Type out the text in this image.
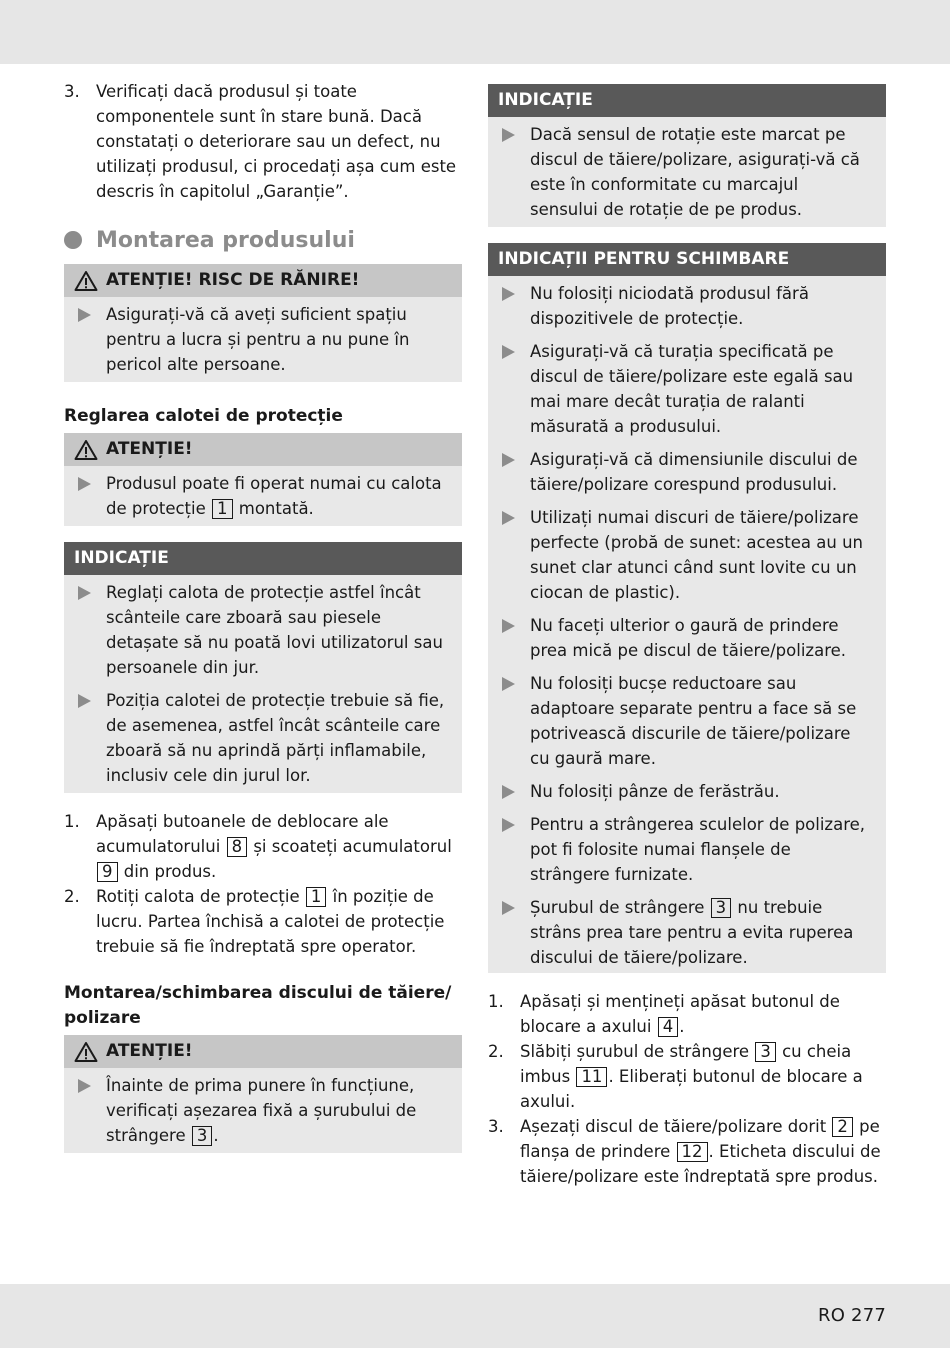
3. Verificați dacă produsul și toate componentele sunt în stare bună. Dacă constatați o deteriorare sau un defect, nu utilizați produsul, ci procedați așa cum este descris în capitolul „Garanție”.
Montarea produsului
ATENȚIE! RISC DE RĂNIRE!
Asigurați-vă că aveți suficient spațiu pentru a lucra și pentru a nu pune în pericol alte persoane.
Reglarea calotei de protecție
ATENȚIE!
Produsul poate fi operat numai cu calota de protecție 1 montată.
INDICAȚIE
Reglați calota de protecție astfel încât scânteile care zboară sau piesele detașate să nu poată lovi utilizatorul sau persoanele din jur.
Poziția calotei de protecție trebuie să fie, de asemenea, astfel încât scânteile care zboară să nu aprindă părți inflamabile, inclusiv cele din jurul lor.
1. Apăsați butoanele de deblocare ale acumulatorului 8 și scoateți acumulatorul 9 din produs.
2. Rotiți calota de protecție 1 în poziție de lucru. Partea închisă a calotei de protecție trebuie să fie îndreptată spre operator.
Montarea/schimbarea discului de tăiere/ polizare
ATENȚIE!
Înainte de prima punere în funcțiune, verificați așezarea fixă a șurubului de strângere 3 .
INDICAȚIE
Dacă sensul de rotație este marcat pe discul de tăiere/polizare, asigurați-vă că este în conformitate cu marcajul sensului de rotație de pe produs.
INDICAȚII PENTRU SCHIMBARE
Nu folosiți niciodată produsul fără dispozitivele de protecție.
Asigurați-vă că turația specificată pe discul de tăiere/polizare este egală sau mai mare decât turația de ralanti măsurată a produsului.
Asigurați-vă că dimensiunile discului de tăiere/polizare corespund produsului.
Utilizați numai discuri de tăiere/polizare perfecte (probă de sunet: acestea au un sunet clar atunci când sunt lovite cu un ciocan de plastic).
Nu faceți ulterior o gaură de prindere prea mică pe discul de tăiere/polizare.
Nu folosiți bucșe reductoare sau adaptoare separate pentru a face să se potrivească discurile de tăiere/polizare cu gaură mare.
Nu folosiți pânze de ferăstrău.
Pentru a strângerea sculelor de polizare, pot fi folosite numai flanșele de strângere furnizate.
Șurubul de strângere 3 nu trebuie strâns prea tare pentru a evita ruperea discului de tăiere/polizare.
1. Apăsați și mențineți apăsat butonul de blocare a axului 4 .
2. Slăbiți șurubul de strângere 3 cu cheia imbus 11 . Eliberați butonul de blocare a axului.
3. Așezați discul de tăiere/polizare dorit 2 pe flanșa de prindere 12 . Eticheta discului de tăiere/polizare este îndreptată spre produs.
RO 277
